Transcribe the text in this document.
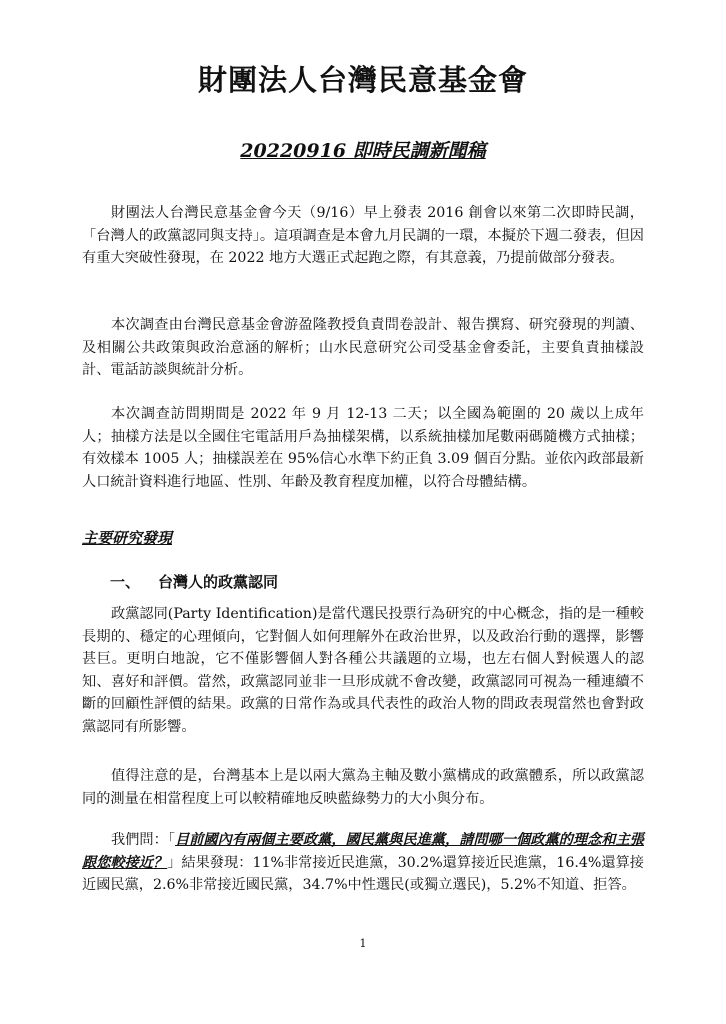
財團法人台灣民意基金會
20220916 即時民調新聞稿

財團法人台灣民意基金會今天（9/16）早上發表 2016 創會以來第二次即時民調，「台灣人的政黨認同與支持」。這項調查是本會九月民調的一環，本擬於下週二發表，但因有重大突破性發現，在 2022 地方大選正式起跑之際，有其意義，乃提前做部分發表。

本次調查由台灣民意基金會游盈隆教授負責問卷設計、報告撰寫、研究發現的判讀、及相關公共政策與政治意涵的解析；山水民意研究公司受基金會委託，主要負責抽樣設計、電話訪談與統計分析。

本次調查訪問期間是 2022 年 9 月 12-13 二天；以全國為範圍的 20 歲以上成年人；抽樣方法是以全國住宅電話用戶為抽樣架構，以系統抽樣加尾數兩碼隨機方式抽樣；有效樣本 1005 人；抽樣誤差在 95%信心水準下約正負 3.09 個百分點。並依內政部最新人口統計資料進行地區、性別、年齡及教育程度加權，以符合母體結構。

主要研究發現
一、 台灣人的政黨認同

政黨認同(Party Identification)是當代選民投票行為研究的中心概念，指的是一種較長期的、穩定的心理傾向，它對個人如何理解外在政治世界，以及政治行動的選擇，影響甚巨。更明白地說，它不僅影響個人對各種公共議題的立場，也左右個人對候選人的認知、喜好和評價。當然，政黨認同並非一旦形成就不會改變，政黨認同可視為一種連續不斷的回顧性評價的結果。政黨的日常作為或具代表性的政治人物的問政表現當然也會對政黨認同有所影響。

值得注意的是，台灣基本上是以兩大黨為主軸及數小黨構成的政黨體系，所以政黨認同的測量在相當程度上可以較精確地反映藍綠勢力的大小與分布。

我們問：「目前國內有兩個主要政黨，國民黨與民進黨，請問哪一個政黨的理念和主張跟您較接近？」結果發現：11%非常接近民進黨，30.2%還算接近民進黨，16.4%還算接近國民黨，2.6%非常接近國民黨，34.7%中性選民(或獨立選民)，5.2%不知道、拒答。

1
